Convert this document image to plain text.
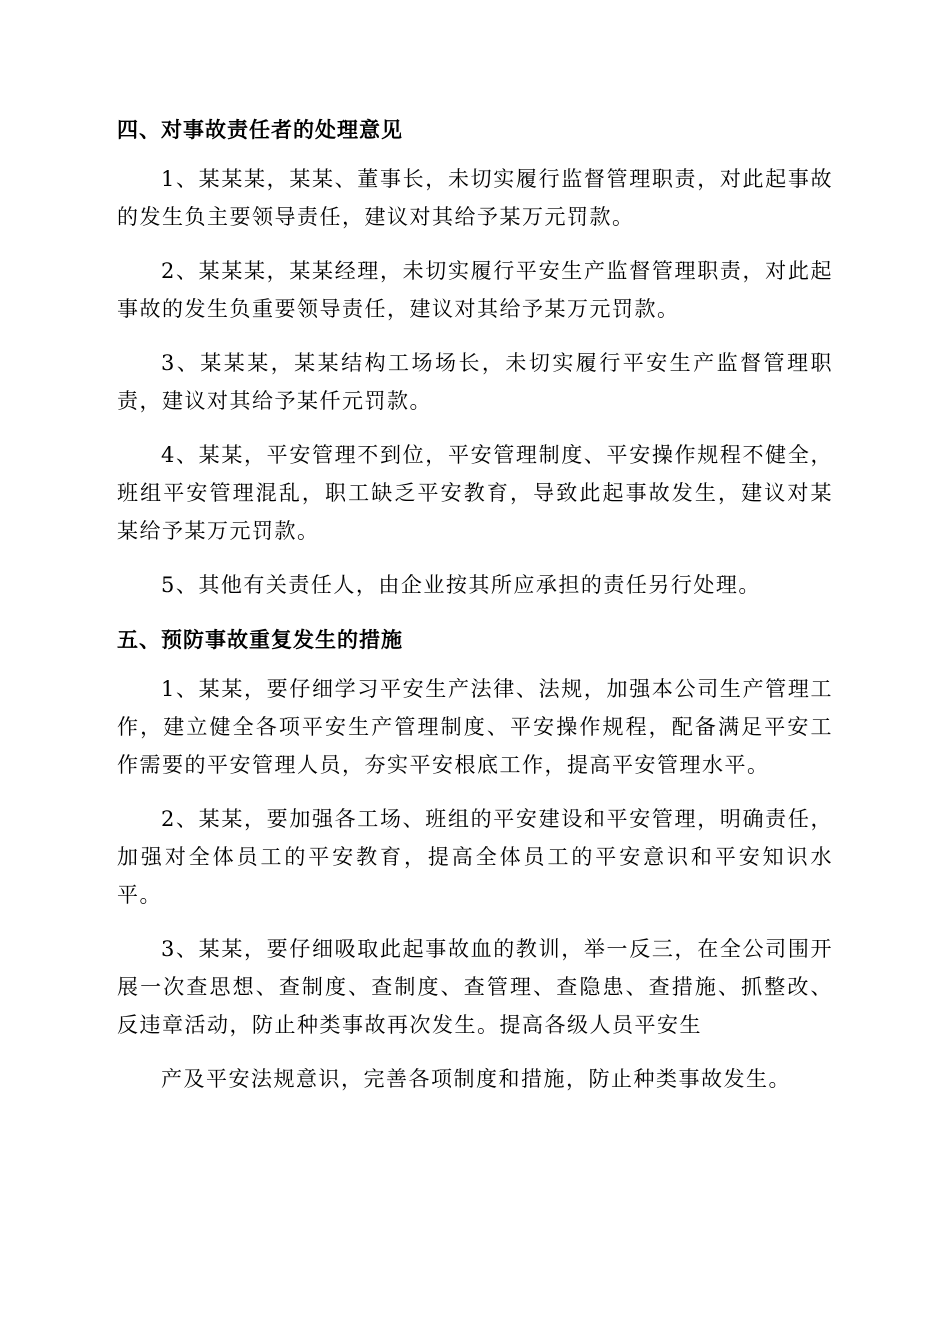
四、对事故责任者的处理意见

1、某某某，某某、董事长，未切实履行监督管理职责，对此起事故的发生负主要领导责任，建议对其给予某万元罚款。

2、某某某，某某经理，未切实履行平安生产监督管理职责，对此起事故的发生负重要领导责任，建议对其给予某万元罚款。

3、某某某，某某结构工场场长，未切实履行平安生产监督管理职责，建议对其给予某仟元罚款。

4、某某，平安管理不到位，平安管理制度、平安操作规程不健全，班组平安管理混乱，职工缺乏平安教育，导致此起事故发生，建议对某某给予某万元罚款。

5、其他有关责任人，由企业按其所应承担的责任另行处理。

五、预防事故重复发生的措施

1、某某，要仔细学习平安生产法律、法规，加强本公司生产管理工作，建立健全各项平安生产管理制度、平安操作规程，配备满足平安工作需要的平安管理人员，夯实平安根底工作，提高平安管理水平。

2、某某，要加强各工场、班组的平安建设和平安管理，明确责任，加强对全体员工的平安教育，提高全体员工的平安意识和平安知识水平。

3、某某，要仔细吸取此起事故血的教训，举一反三，在全公司围开展一次查思想、查制度、查制度、查管理、查隐患、查措施、抓整改、反违章活动，防止种类事故再次发生。提高各级人员平安生

产及平安法规意识，完善各项制度和措施，防止种类事故发生。
